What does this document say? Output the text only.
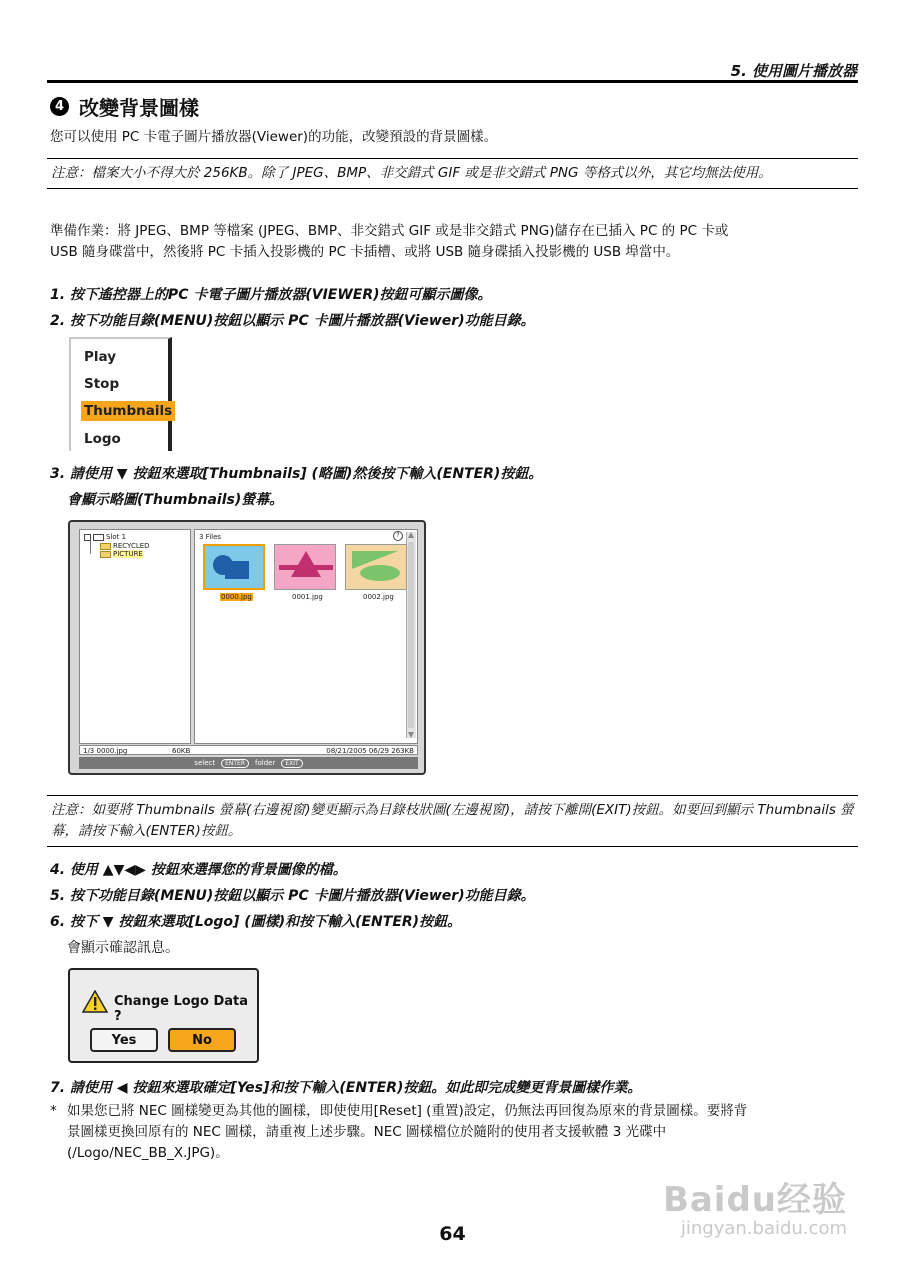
5. 使用圖片播放器
4 改變背景圖樣
您可以使用 PC 卡電子圖片播放器(Viewer)的功能，改變預設的背景圖樣。
注意：檔案大小不得大於 256KB。除了 JPEG、BMP、非交錯式 GIF 或是非交錯式 PNG 等格式以外，其它均無法使用。
準備作業：將 JPEG、BMP 等檔案 (JPEG、BMP、非交錯式 GIF 或是非交錯式 PNG)儲存在已插入 PC 的 PC 卡或
USB 隨身碟當中，然後將 PC 卡插入投影機的 PC 卡插槽、或將 USB 隨身碟插入投影機的 USB 埠當中。
1. 按下遙控器上的PC 卡電子圖片播放器(VIEWER)按鈕可顯示圖像。
2. 按下功能目錄(MENU)按鈕以顯示 PC 卡圖片播放器(Viewer)功能目錄。
Play
Stop
Thumbnails
Logo
3. 請使用 ▼ 按鈕來選取[Thumbnails] (略圖)然後按下輸入(ENTER)按鈕。
會顯示略圖(Thumbnails)螢幕。
Slot 1
RECYCLED
PICTURE
3 Files	?
0000.jpg	0001.jpg	0002.jpg
1/3 0000.jpg	60KB	08/21/2005 06/29 263KB
select	ENTER	folder	EXIT
注意：如要將 Thumbnails 螢幕(右邊視窗)變更顯示為目錄枝狀圖(左邊視窗)，請按下離開(EXIT)按鈕。如要回到顯示 Thumbnails 螢幕，請按下輸入(ENTER)按鈕。
4. 使用 ▲▼◀▶ 按鈕來選擇您的背景圖像的檔。
5. 按下功能目錄(MENU)按鈕以顯示 PC 卡圖片播放器(Viewer)功能目錄。
6. 按下 ▼ 按鈕來選取[Logo] (圖樣)和按下輸入(ENTER)按鈕。
會顯示確認訊息。
Change Logo Data ?
Yes	No
7. 請使用 ◀ 按鈕來選取確定[Yes]和按下輸入(ENTER)按鈕。如此即完成變更背景圖樣作業。
* 如果您已將 NEC 圖樣變更為其他的圖樣，即使使用[Reset] (重置)設定，仍無法再回復為原來的背景圖樣。要將背
景圖樣更換回原有的 NEC 圖樣，請重複上述步驟。NEC 圖樣檔位於隨附的使用者支援軟體 3 光碟中
(/Logo/NEC_BB_X.JPG)。
64
Baidu经验
jingyan.baidu.com
